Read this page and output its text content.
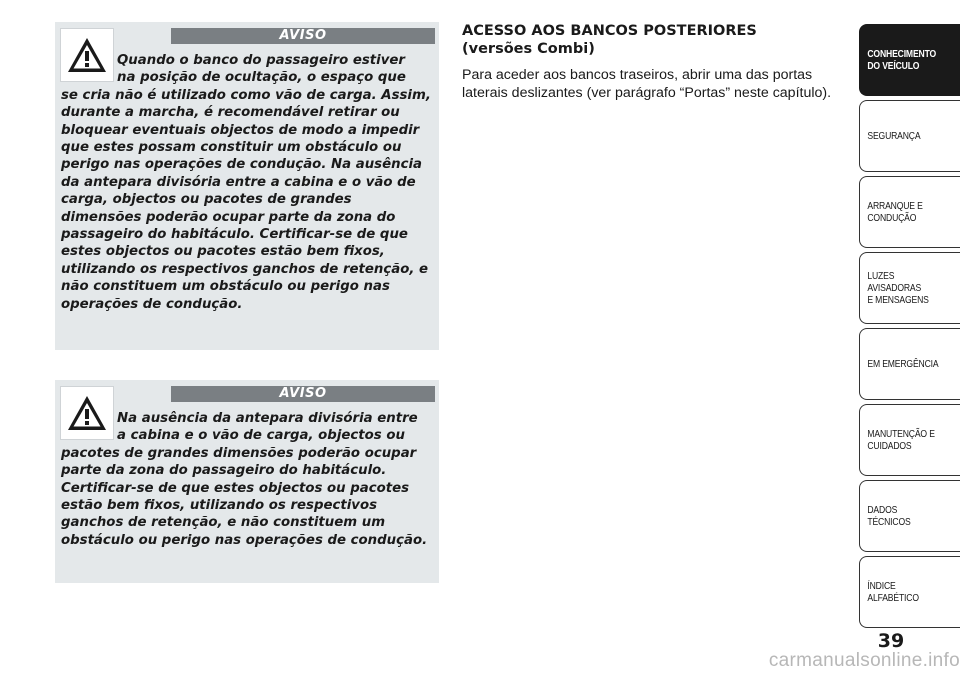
AVISO
Quando o banco do passageiro estiver
na posição de ocultação, o espaço que
se cria não é utilizado como vão de carga. Assim, durante a marcha, é recomendável retirar ou bloquear eventuais objectos de modo a impedir que estes possam constituir um obstáculo ou perigo nas operações de condução. Na ausência da antepara divisória entre a cabina e o vão de carga, objectos ou pacotes de grandes dimensões poderão ocupar parte da zona do passageiro do habitáculo. Certificar-se de que estes objectos ou pacotes estão bem fixos, utilizando os respectivos ganchos de retenção, e não constituem um obstáculo ou perigo nas operações de condução.
AVISO
Na ausência da antepara divisória entre
a cabina e o vão de carga, objectos ou
pacotes de grandes dimensões poderão ocupar parte da zona do passageiro do habitáculo. Certificar-se de que estes objectos ou pacotes estão bem fixos, utilizando os respectivos ganchos de retenção, e não constituem um obstáculo ou perigo nas operações de condução.
ACESSO AOS BANCOS POSTERIORES (versões Combi)
Para aceder aos bancos traseiros, abrir uma das portas laterais deslizantes (ver parágrafo “Portas” neste capítulo).
CONHECIMENTO
DO VEÍCULO
SEGURANÇA
ARRANQUE E
CONDUÇÃO
LUZES AVISADORAS
E MENSAGENS
EM EMERGÊNCIA
MANUTENÇÃO E
CUIDADOS
DADOS TÉCNICOS
ÍNDICE ALFABÉTICO
39
carmanualsonline.info
